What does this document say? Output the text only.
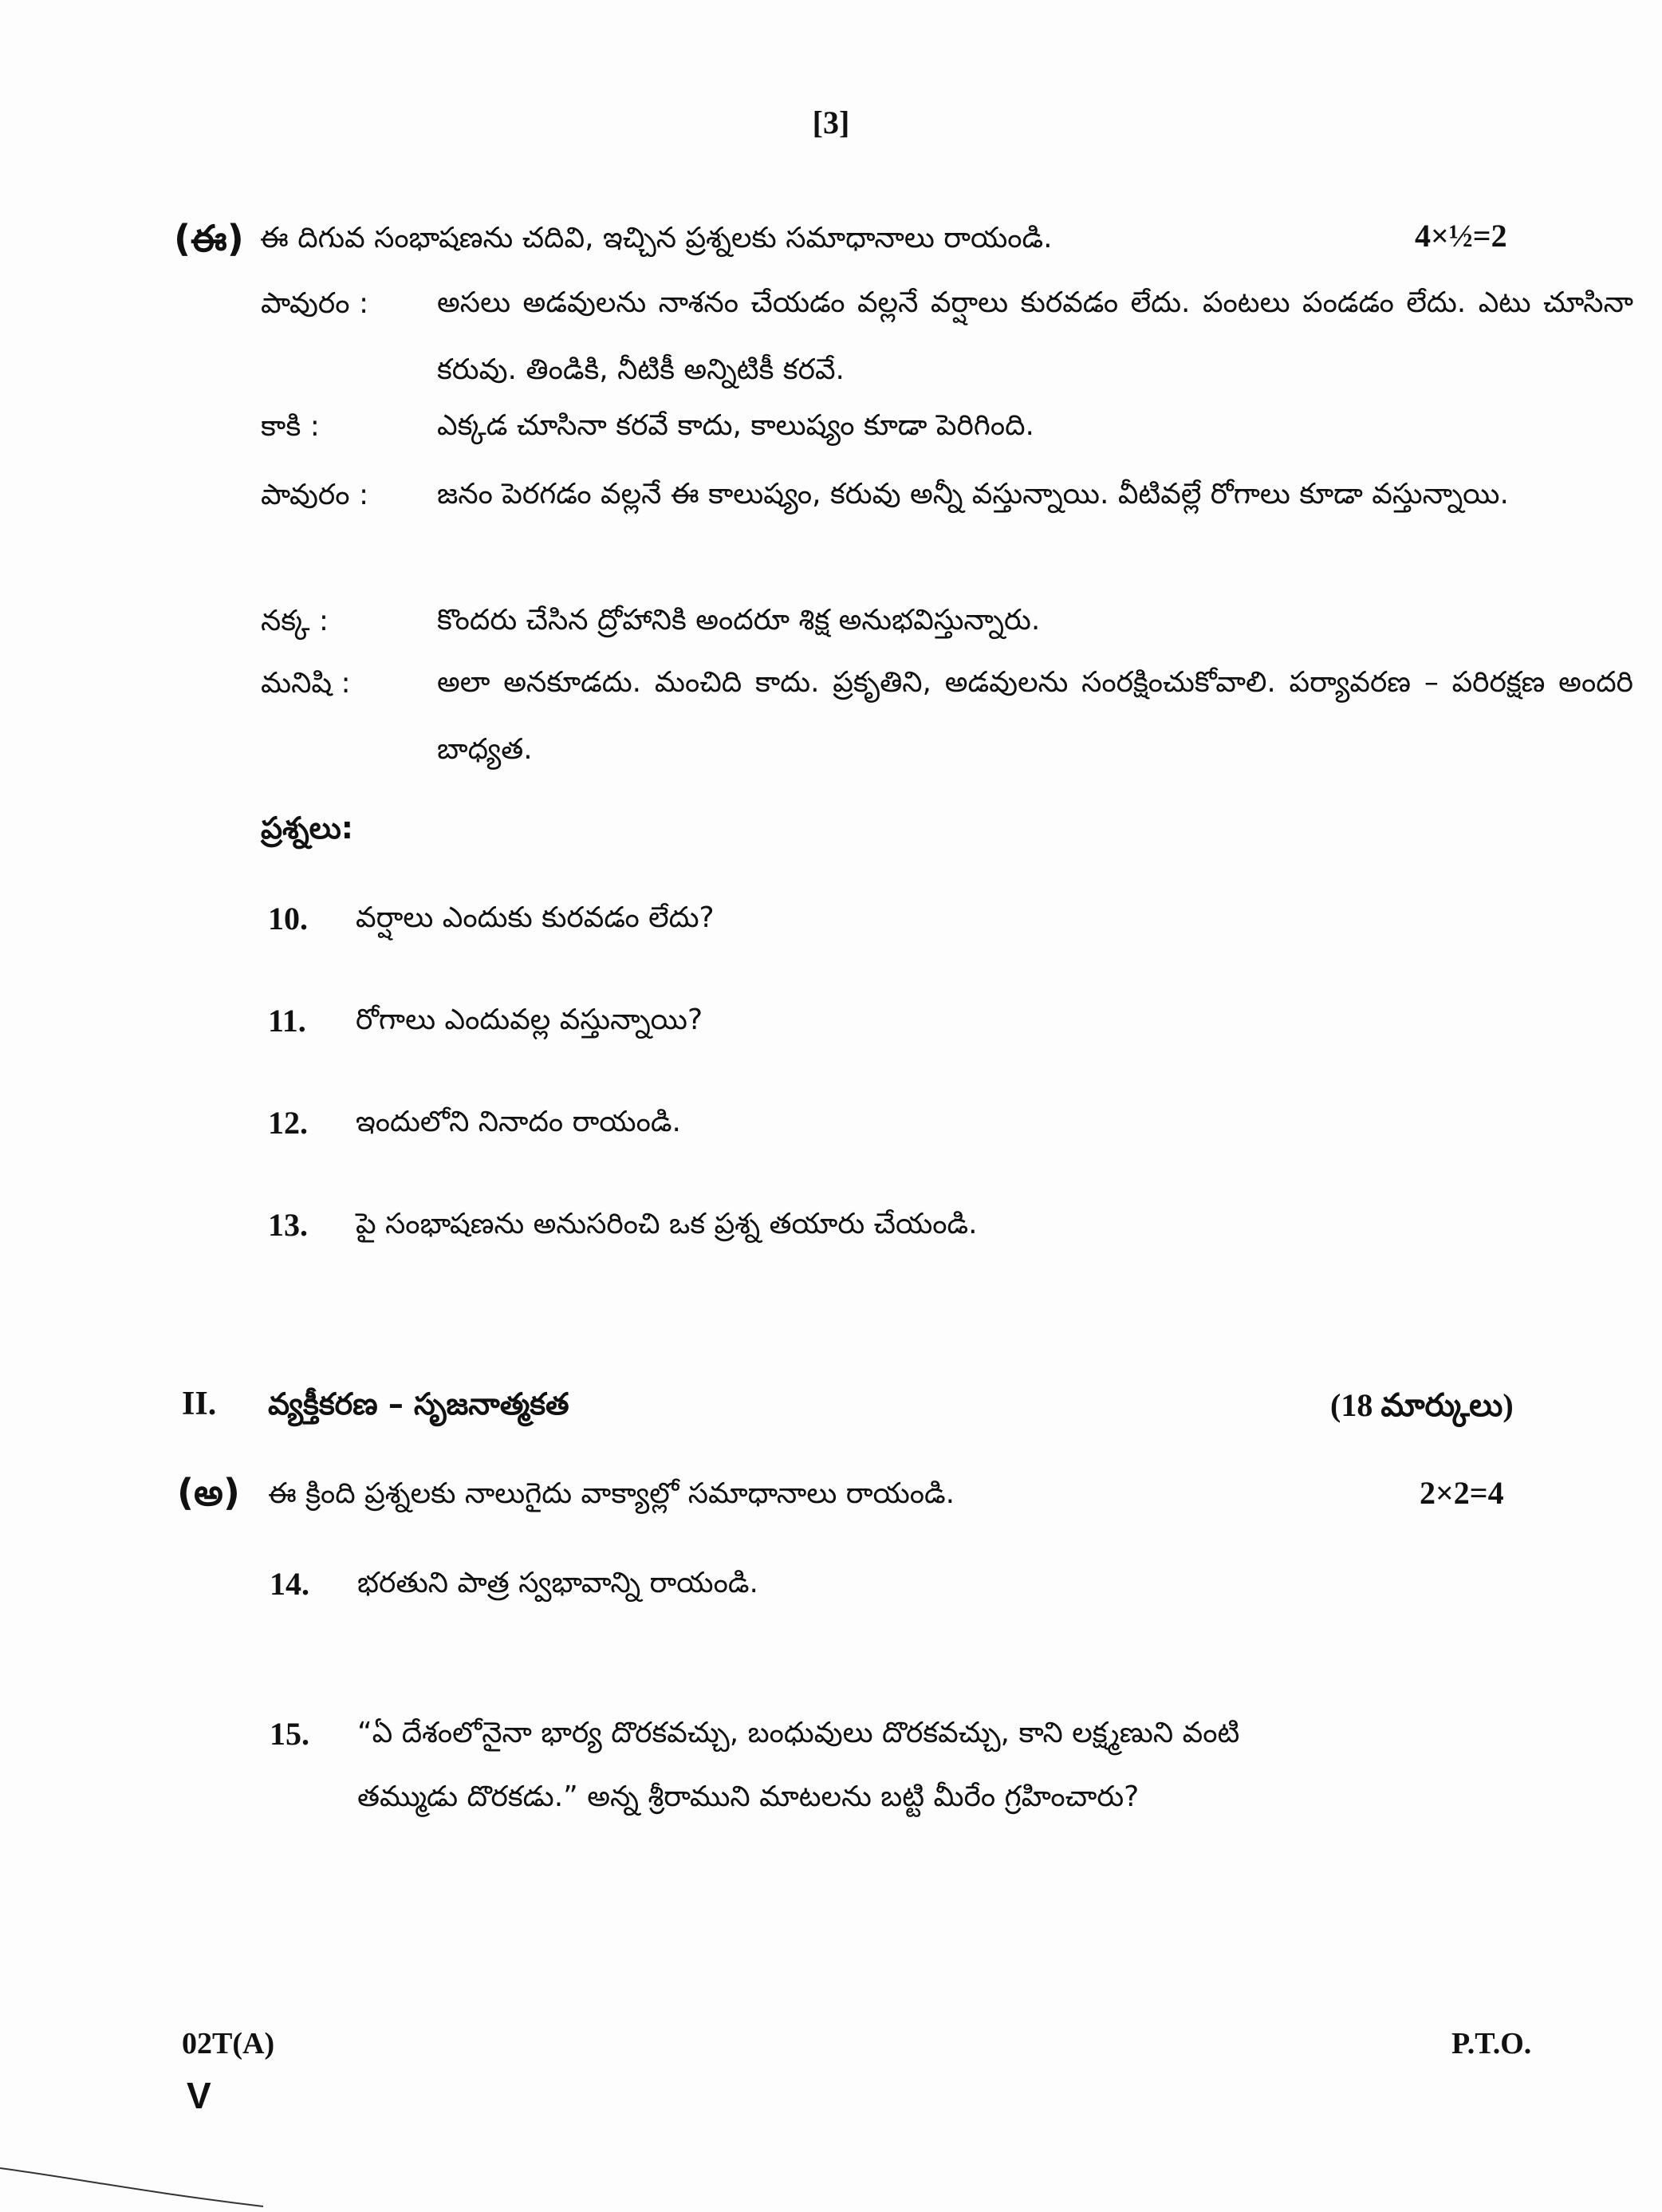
[3]
(ఈ) ఈ దిగువ సంభాషణను చదివి, ఇచ్చిన ప్రశ్నలకు సమాధానాలు రాయండి.	4×½=2
పావురం : అసలు అడవులను నాశనం చేయడం వల్లనే వర్షాలు కురవడం లేదు. పంటలు పండడం లేదు. ఎటు చూసినా కరువు. తిండికి, నీటికీ అన్నిటికీ కరవే.
కాకి :	ఎక్కడ చూసినా కరవే కాదు, కాలుష్యం కూడా పెరిగింది.
పావురం : జనం పెరగడం వల్లనే ఈ కాలుష్యం, కరువు అన్నీ వస్తున్నాయి. వీటివల్లే రోగాలు కూడా వస్తున్నాయి.
నక్క :	కొందరు చేసిన ద్రోహానికి అందరూ శిక్ష అనుభవిస్తున్నారు.
మనిషి :	అలా అనకూడదు. మంచిది కాదు. ప్రకృతిని, అడవులను సంరక్షించుకోవాలి. పర్యావరణ – పరిరక్షణ అందరి బాధ్యత.
ప్రశ్నలు:
10. వర్షాలు ఎందుకు కురవడం లేదు?
11. రోగాలు ఎందువల్ల వస్తున్నాయి?
12. ఇందులోని నినాదం రాయండి.
13. పై సంభాషణను అనుసరించి ఒక ప్రశ్న తయారు చేయండి.
II. వ్యక్తీకరణ – సృజనాత్మకత	(18 మార్కులు)
(అ) ఈ క్రింది ప్రశ్నలకు నాలుగైదు వాక్యాల్లో సమాధానాలు రాయండి.	2×2=4
14. భరతుని పాత్ర స్వభావాన్ని రాయండి.
15. “ఏ దేశంలోనైనా భార్య దొరకవచ్చు, బంధువులు దొరకవచ్చు, కాని లక్ష్మణుని వంటి
తమ్ముడు దొరకడు.” అన్న శ్రీరాముని మాటలను బట్టి మీరేం గ్రహించారు?
02T(A)
V
P.T.O.
